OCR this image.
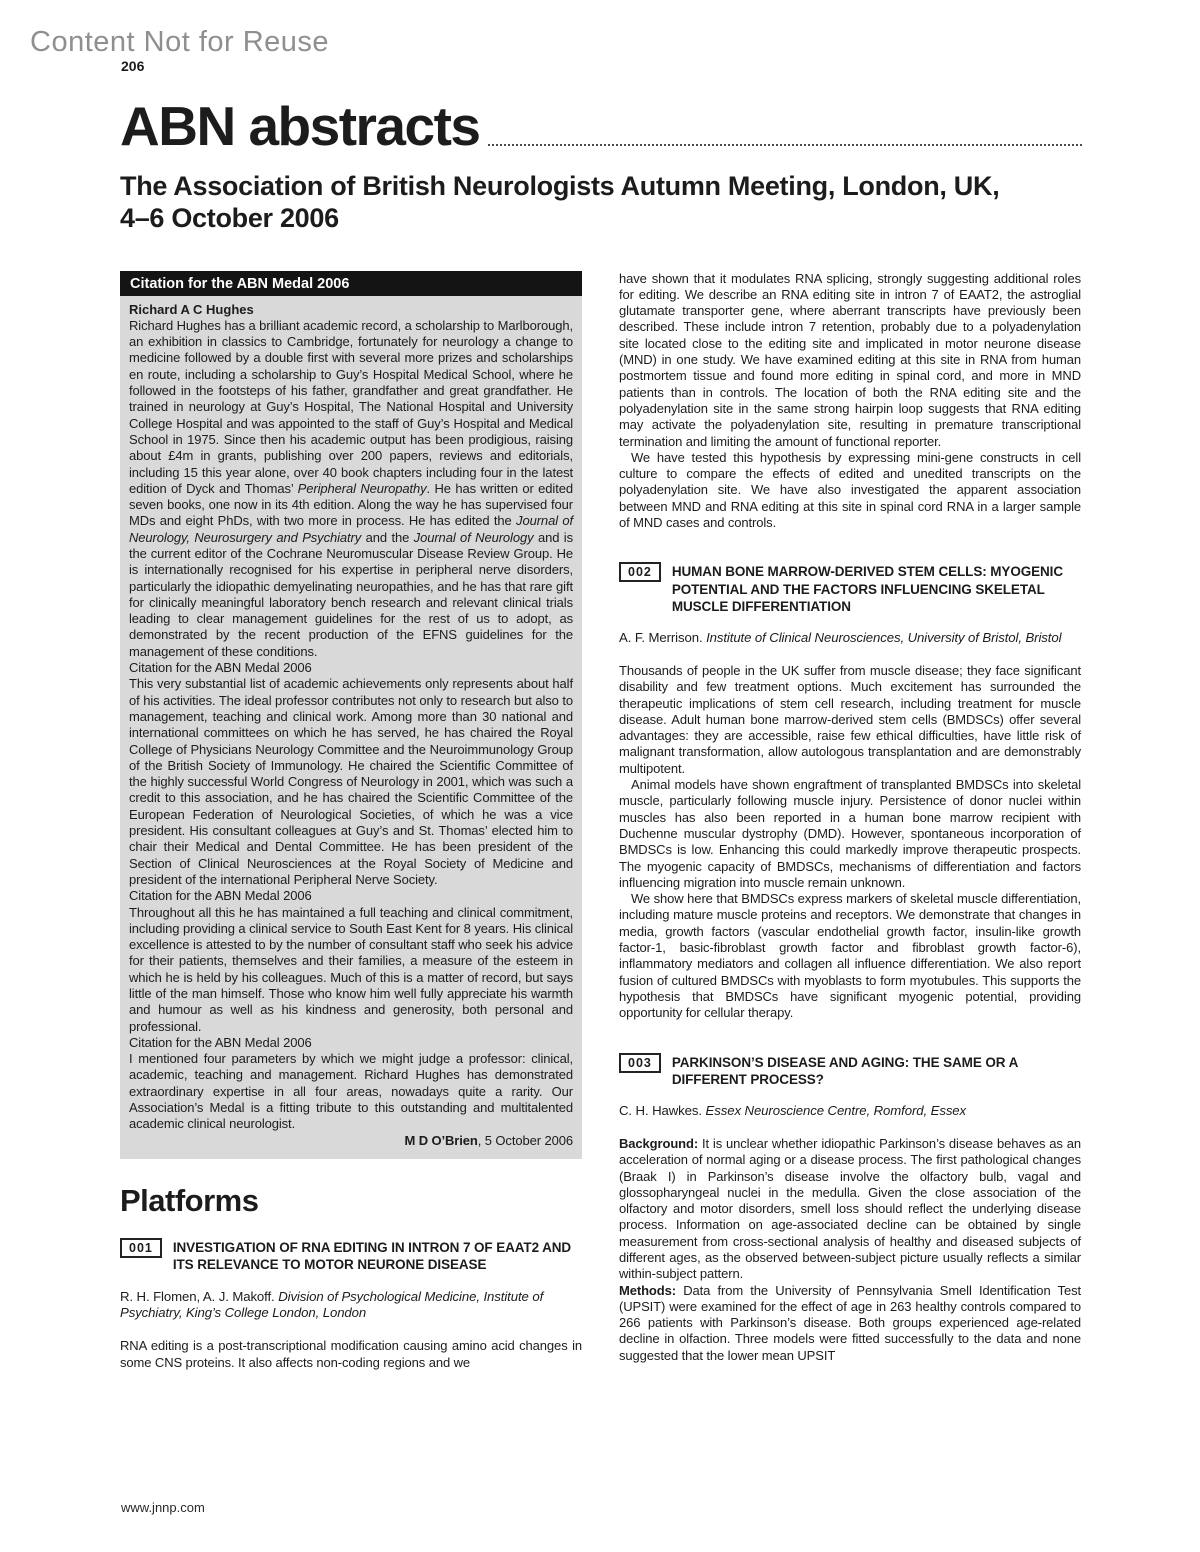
Content Not for Reuse
206
ABN abstracts
The Association of British Neurologists Autumn Meeting, London, UK,
4–6 October 2006
Citation for the ABN Medal 2006

Richard A C Hughes

Richard Hughes has a brilliant academic record, a scholarship to Marlborough, an exhibition in classics to Cambridge, fortunately for neurology a change to medicine followed by a double first with several more prizes and scholarships en route, including a scholarship to Guy’s Hospital Medical School, where he followed in the footsteps of his father, grandfather and great grandfather. He trained in neurology at Guy’s Hospital, The National Hospital and University College Hospital and was appointed to the staff of Guy’s Hospital and Medical School in 1975. Since then his academic output has been prodigious, raising about £4m in grants, publishing over 200 papers, reviews and editorials, including 15 this year alone, over 40 book chapters including four in the latest edition of Dyck and Thomas’ Peripheral Neuropathy. He has written or edited seven books, one now in its 4th edition. Along the way he has supervised four MDs and eight PhDs, with two more in process. He has edited the Journal of Neurology, Neurosurgery and Psychiatry and the Journal of Neurology and is the current editor of the Cochrane Neuromuscular Disease Review Group. He is internationally recognised for his expertise in peripheral nerve disorders, particularly the idiopathic demyelinating neuropathies, and he has that rare gift for clinically meaningful laboratory bench research and relevant clinical trials leading to clear management guidelines for the rest of us to adopt, as demonstrated by the recent production of the EFNS guidelines for the management of these conditions.

Citation for the ABN Medal 2006

This very substantial list of academic achievements only represents about half of his activities. The ideal professor contributes not only to research but also to management, teaching and clinical work. Among more than 30 national and international committees on which he has served, he has chaired the Royal College of Physicians Neurology Committee and the Neuroimmunology Group of the British Society of Immunology. He chaired the Scientific Committee of the highly successful World Congress of Neurology in 2001, which was such a credit to this association, and he has chaired the Scientific Committee of the European Federation of Neurological Societies, of which he was a vice president. His consultant colleagues at Guy’s and St. Thomas’ elected him to chair their Medical and Dental Committee. He has been president of the Section of Clinical Neurosciences at the Royal Society of Medicine and president of the international Peripheral Nerve Society.

Citation for the ABN Medal 2006

Throughout all this he has maintained a full teaching and clinical commitment, including providing a clinical service to South East Kent for 8 years. His clinical excellence is attested to by the number of consultant staff who seek his advice for their patients, themselves and their families, a measure of the esteem in which he is held by his colleagues. Much of this is a matter of record, but says little of the man himself. Those who know him well fully appreciate his warmth and humour as well as his kindness and generosity, both personal and professional.

Citation for the ABN Medal 2006

I mentioned four parameters by which we might judge a professor: clinical, academic, teaching and management. Richard Hughes has demonstrated extraordinary expertise in all four areas, nowadays quite a rarity. Our Association’s Medal is a fitting tribute to this outstanding and multitalented academic clinical neurologist.

M D O’Brien, 5 October 2006

Platforms
001	INVESTIGATION OF RNA EDITING IN INTRON 7 OF EAAT2 AND ITS RELEVANCE TO MOTOR NEURONE DISEASE

R. H. Flomen, A. J. Makoff. Division of Psychological Medicine, Institute of Psychiatry, King’s College London, London

RNA editing is a post-transcriptional modification causing amino acid changes in some CNS proteins. It also affects non-coding regions and we

have shown that it modulates RNA splicing, strongly suggesting additional roles for editing. We describe an RNA editing site in intron 7 of EAAT2, the astroglial glutamate transporter gene, where aberrant transcripts have previously been described. These include intron 7 retention, probably due to a polyadenylation site located close to the editing site and implicated in motor neurone disease (MND) in one study. We have examined editing at this site in RNA from human postmortem tissue and found more editing in spinal cord, and more in MND patients than in controls. The location of both the RNA editing site and the polyadenylation site in the same strong hairpin loop suggests that RNA editing may activate the polyadenylation site, resulting in premature transcriptional termination and limiting the amount of functional reporter.

We have tested this hypothesis by expressing mini-gene constructs in cell culture to compare the effects of edited and unedited transcripts on the polyadenylation site. We have also investigated the apparent association between MND and RNA editing at this site in spinal cord RNA in a larger sample of MND cases and controls.

002	HUMAN BONE MARROW-DERIVED STEM CELLS: MYOGENIC POTENTIAL AND THE FACTORS INFLUENCING SKELETAL MUSCLE DIFFERENTIATION

A. F. Merrison. Institute of Clinical Neurosciences, University of Bristol, Bristol

Thousands of people in the UK suffer from muscle disease; they face significant disability and few treatment options. Much excitement has surrounded the therapeutic implications of stem cell research, including treatment for muscle disease. Adult human bone marrow-derived stem cells (BMDSCs) offer several advantages: they are accessible, raise few ethical difficulties, have little risk of malignant transformation, allow autologous transplantation and are demonstrably multipotent.

Animal models have shown engraftment of transplanted BMDSCs into skeletal muscle, particularly following muscle injury. Persistence of donor nuclei within muscles has also been reported in a human bone marrow recipient with Duchenne muscular dystrophy (DMD). However, spontaneous incorporation of BMDSCs is low. Enhancing this could markedly improve therapeutic prospects. The myogenic capacity of BMDSCs, mechanisms of differentiation and factors influencing migration into muscle remain unknown.

We show here that BMDSCs express markers of skeletal muscle differentiation, including mature muscle proteins and receptors. We demonstrate that changes in media, growth factors (vascular endothelial growth factor, insulin-like growth factor-1, basic-fibroblast growth factor and fibroblast growth factor-6), inflammatory mediators and collagen all influence differentiation. We also report fusion of cultured BMDSCs with myoblasts to form myotubules. This supports the hypothesis that BMDSCs have significant myogenic potential, providing opportunity for cellular therapy.

003	PARKINSON’S DISEASE AND AGING: THE SAME OR A DIFFERENT PROCESS?

C. H. Hawkes. Essex Neuroscience Centre, Romford, Essex

Background: It is unclear whether idiopathic Parkinson’s disease behaves as an acceleration of normal aging or a disease process. The first pathological changes (Braak I) in Parkinson’s disease involve the olfactory bulb, vagal and glossopharyngeal nuclei in the medulla. Given the close association of the olfactory and motor disorders, smell loss should reflect the underlying disease process. Information on age-associated decline can be obtained by single measurement from cross-sectional analysis of healthy and diseased subjects of different ages, as the observed between-subject picture usually reflects a similar within-subject pattern.

Methods: Data from the University of Pennsylvania Smell Identification Test (UPSIT) were examined for the effect of age in 263 healthy controls compared to 266 patients with Parkinson’s disease. Both groups experienced age-related decline in olfaction. Three models were fitted successfully to the data and none suggested that the lower mean UPSIT

www.jnnp.com
